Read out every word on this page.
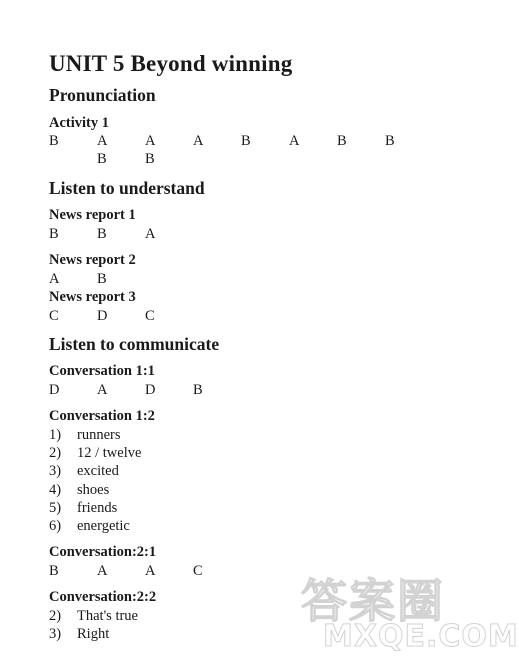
UNIT 5 Beyond winning
Pronunciation
Activity 1
B	A	A	A	B	A	B	B
B	B
Listen to understand
News report 1
B	B	A
News report 2
A	B
News report 3
C	D	C
Listen to communicate
Conversation 1:1
D	A	D	B
Conversation 1:2
1) runners
2) 12 / twelve
3) excited
4) shoes
5) friends
6) energetic
Conversation:2:1
B	A	A	C
Conversation:2:2
2) That's true
3) Right
答案圈
MXQE.COM
